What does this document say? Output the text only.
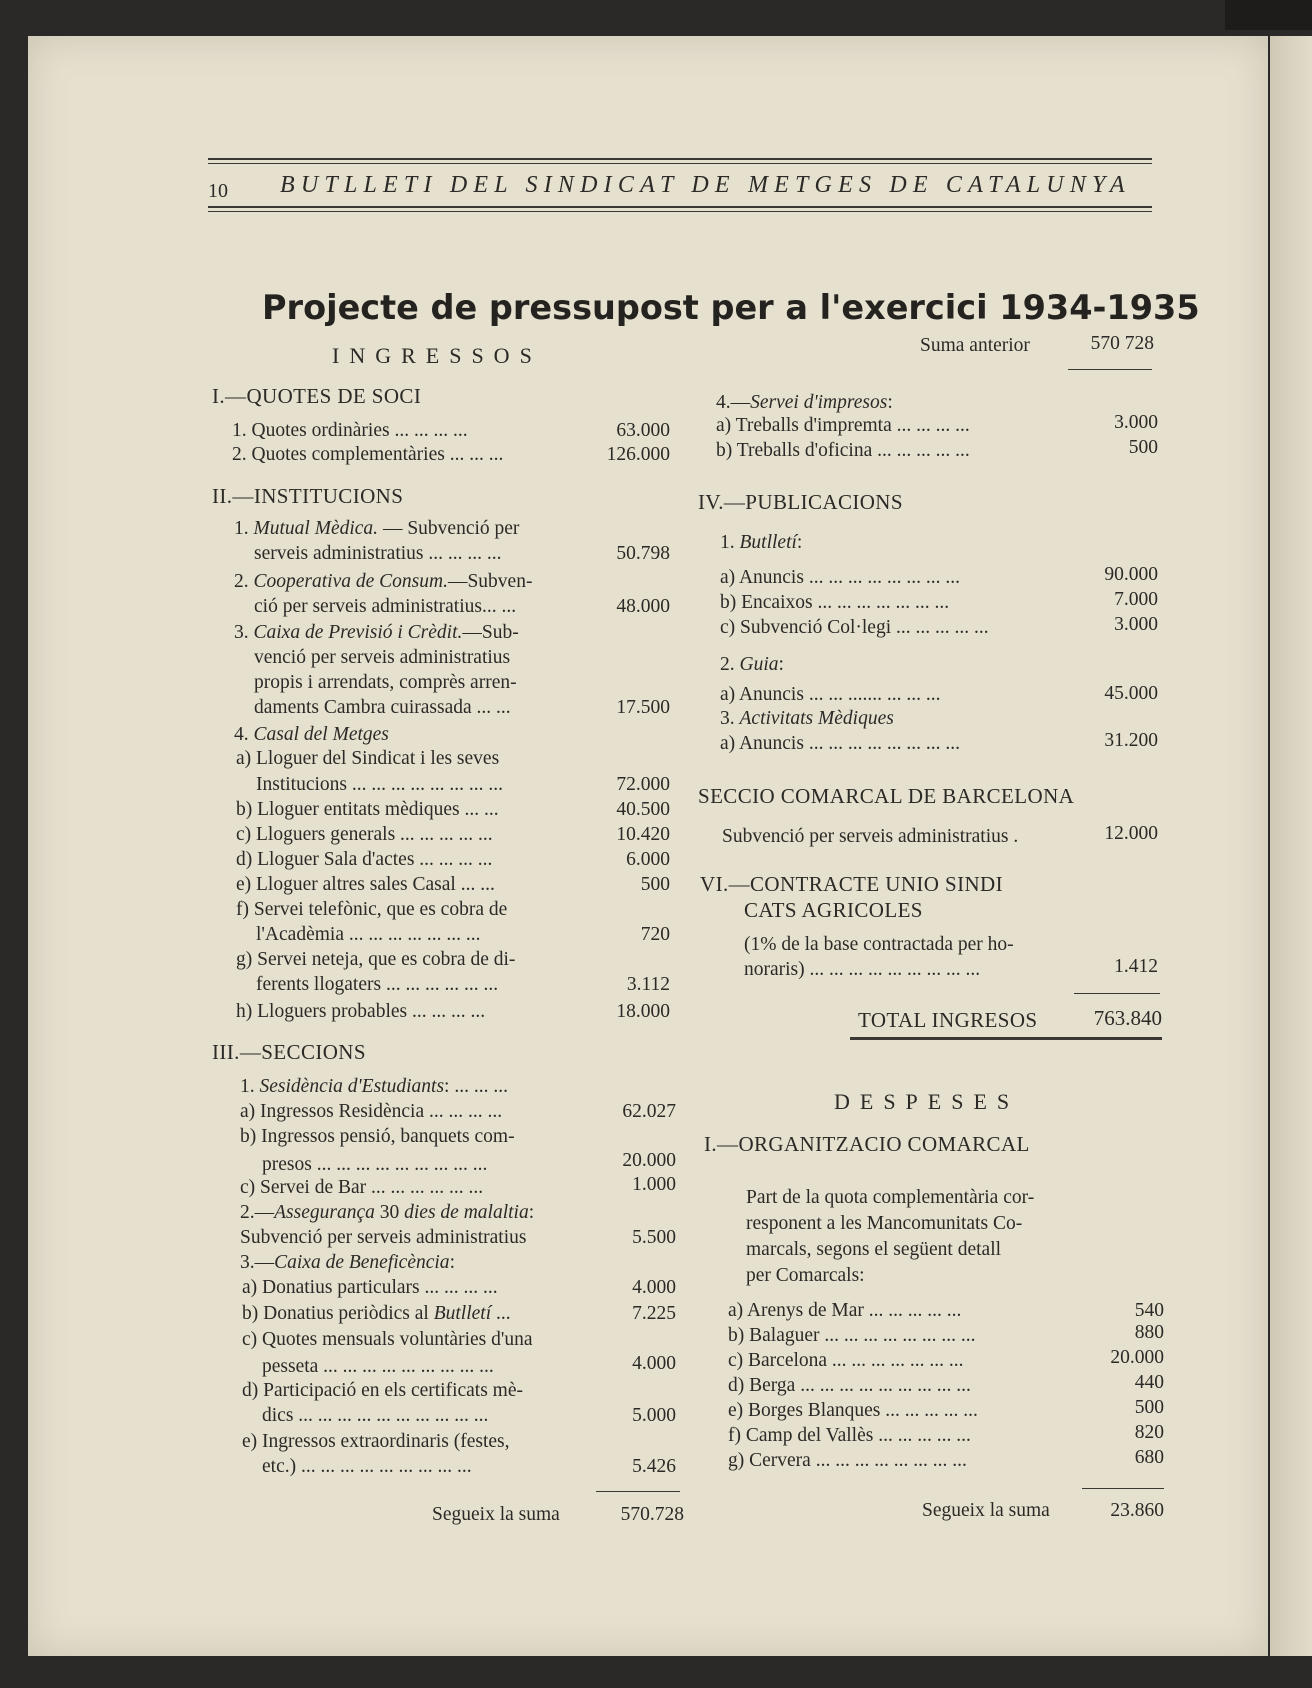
10 BUTLLETI DEL SINDICAT DE METGES DE CATALUNYA
Projecte de pressupost per a l'exercici 1934-1935
INGRESSOS
I.—QUOTES DE SOCI
1. Quotes ordinàries ... ... ... ...	63.000
2. Quotes complementàries ... ... ...	126.000
II.—INSTITUCIONS
1. Mutual Mèdica. — Subvenció per
serveis administratius ... ... ... ...	50.798
2. Cooperativa de Consum.—Subven-
ció per serveis administratius... ...	48.000
3. Caixa de Previsió i Crèdit.—Sub-
venció per serveis administratius
propis i arrendats, comprès arren-
daments Cambra cuirassada ... ...	17.500
4. Casal del Metges
a) Lloguer del Sindicat i les seves
Institucions ... ... ... ... ... ... ... ...	72.000
b) Lloguer entitats mèdiques ... ...	40.500
c) Lloguers generals ... ... ... ... ...	10.420
d) Lloguer Sala d'actes ... ... ... ...	6.000
e) Lloguer altres sales Casal ... ...	500
f) Servei telefònic, que es cobra de
l'Acadèmia ... ... ... ... ... ... ...	720
g) Servei neteja, que es cobra de di-
ferents llogaters ... ... ... ... ... ...	3.112
h) Lloguers probables ... ... ... ...	18.000
III.—SECCIONS
1. Sesidència d'Estudiants: ... ... ...
a) Ingressos Residència ... ... ... ...	62.027
b) Ingressos pensió, banquets com-
presos ... ... ... ... ... ... ... ... ...	20.000
c) Servei de Bar ... ... ... ... ... ...	1.000
2.—Assegurança 30 dies de malaltia:
Subvenció per serveis administratius	5.500
3.—Caixa de Beneficència:
a) Donatius particulars ... ... ... ...	4.000
b) Donatius periòdics al Butlletí ...	7.225
c) Quotes mensuals voluntàries d'una
pesseta ... ... ... ... ... ... ... ... ...	4.000
d) Participació en els certificats mè-
dics ... ... ... ... ... ... ... ... ... ...	5.000
e) Ingressos extraordinaris (festes,
etc.) ... ... ... ... ... ... ... ... ...	5.426
Segueix la suma	570.728
Suma anterior	570 728
4.—Servei d'impresos:
a) Treballs d'impremta ... ... ... ...	3.000
b) Treballs d'oficina ... ... ... ... ...	500
IV.—PUBLICACIONS
1. Butlletí:
a) Anuncis ... ... ... ... ... ... ... ...	90.000
b) Encaixos ... ... ... ... ... ... ...	7.000
c) Subvenció Col·legi ... ... ... ... ...	3.000
2. Guia:
a) Anuncis ... ... ....... ... ... ...	45.000
3. Activitats Mèdiques
a) Anuncis ... ... ... ... ... ... ... ...	31.200
SECCIO COMARCAL DE BARCELONA
Subvenció per serveis administratius .	12.000
VI.—CONTRACTE UNIO SINDI
CATS AGRICOLES
(1% de la base contractada per ho-
noraris) ... ... ... ... ... ... ... ... ...	1.412
TOTAL INGRESOS	763.840
DESPESES
I.—ORGANITZACIO COMARCAL
Part de la quota complementària cor-
responent a les Mancomunitats Co-
marcals, segons el següent detall
per Comarcals:
a) Arenys de Mar ... ... ... ... ...	540
b) Balaguer ... ... ... ... ... ... ... ...	880
c) Barcelona ... ... ... ... ... ... ...	20.000
d) Berga ... ... ... ... ... ... ... ... ...	440
e) Borges Blanques ... ... ... ... ...	500
f) Camp del Vallès ... ... ... ... ...	820
g) Cervera ... ... ... ... ... ... ... ...	680
Segueix la suma	23.860
